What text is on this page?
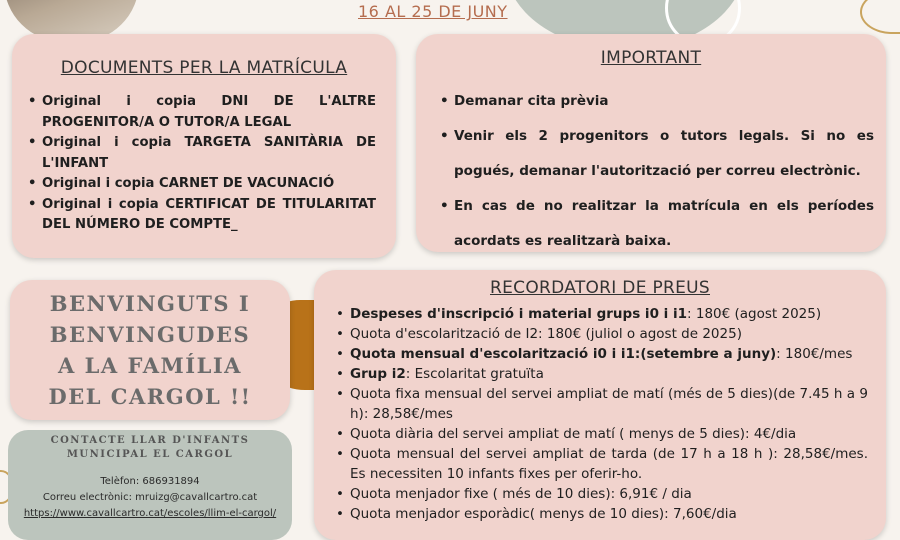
16 AL 25 DE JUNY
DOCUMENTS PER LA MATRÍCULA
• Original i copia DNI DE L'ALTRE PROGENITOR/A O TUTOR/A LEGAL
• Original i copia TARGETA SANITÀRIA DE L'INFANT
• Original i copia CARNET DE VACUNACIÓ
• Original i copia CERTIFICAT DE TITULARITAT DEL NÚMERO DE COMPTE_
IMPORTANT
• Demanar cita prèvia
• Venir els 2 progenitors o tutors legals. Si no es pogués, demanar l'autorització per correu electrònic.
• En cas de no realitzar la matrícula en els períodes acordats es realitzarà baixa.
BENVINGUTS I
BENVINGUDES
A LA FAMÍLIA
DEL CARGOL !!
CONTACTE LLAR D'INFANTS
MUNICIPAL EL CARGOL
Telèfon: 686931894
Correu electrònic: mruizg@cavallcartro.cat
https://www.cavallcartro.cat/escoles/llim-el-cargol/
RECORDATORI DE PREUS
• Despeses d'inscripció i material grups i0 i i1: 180€ (agost 2025)
• Quota d'escolarització de I2: 180€ (juliol o agost de 2025)
• Quota mensual d'escolarització i0 i i1:(setembre a juny): 180€/mes
• Grup i2: Escolaritat gratuïta
• Quota fixa mensual del servei ampliat de matí (més de 5 dies)(de 7.45 h a 9 h): 28,58€/mes
• Quota diària del servei ampliat de matí ( menys de 5 dies): 4€/dia
• Quota mensual del servei ampliat de tarda (de 17 h a 18 h ): 28,58€/mes. Es necessiten 10 infants fixes per oferir-ho.
• Quota menjador fixe ( més de 10 dies): 6,91€ / dia
• Quota menjador esporàdic( menys de 10 dies): 7,60€/dia
